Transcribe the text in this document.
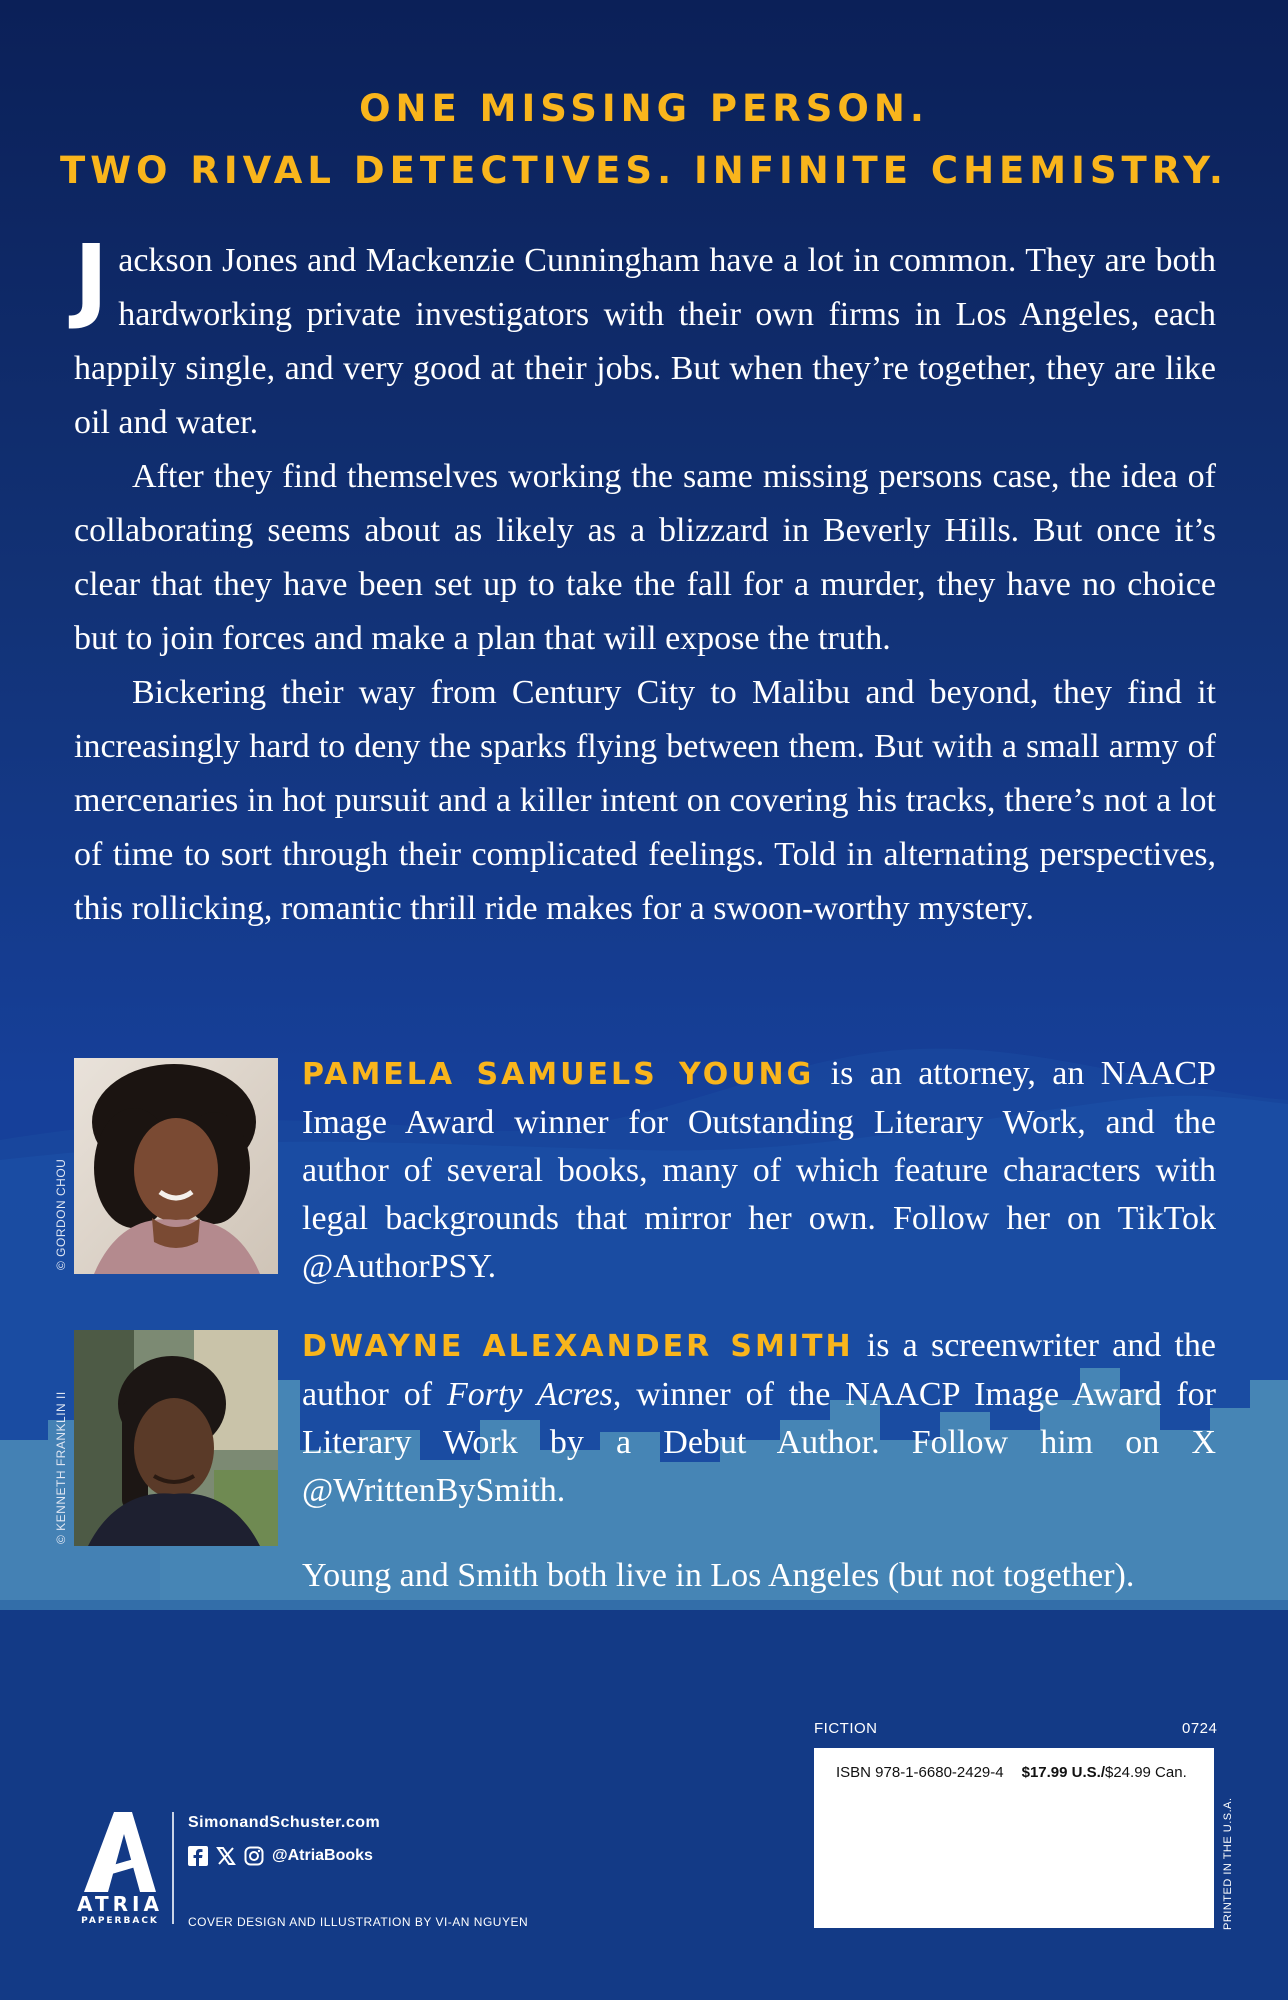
ONE MISSING PERSON.
TWO RIVAL DETECTIVES. INFINITE CHEMISTRY.

Jackson Jones and Mackenzie Cunningham have a lot in common. They are both hardworking private investigators with their own firms in Los Angeles, each happily single, and very good at their jobs. But when they’re together, they are like oil and water.

After they find themselves working the same missing persons case, the idea of collaborating seems about as likely as a blizzard in Beverly Hills. But once it’s clear that they have been set up to take the fall for a murder, they have no choice but to join forces and make a plan that will expose the truth.

Bickering their way from Century City to Malibu and beyond, they find it increasingly hard to deny the sparks flying between them. But with a small army of mercenaries in hot pursuit and a killer intent on covering his tracks, there’s not a lot of time to sort through their complicated feelings. Told in alternating perspectives, this rollicking, romantic thrill ride makes for a swoon-worthy mystery.

© GORDON CHOU

PAMELA SAMUELS YOUNG is an attorney, an NAACP Image Award winner for Outstanding Literary Work, and the author of several books, many of which feature characters with legal backgrounds that mirror her own. Follow her on TikTok @AuthorPSY.

© KENNETH FRANKLIN II

DWAYNE ALEXANDER SMITH is a screenwriter and the author of Forty Acres, winner of the NAACP Image Award for Literary Work by a Debut Author. Follow him on X @WrittenBySmith.

Young and Smith both live in Los Angeles (but not together).
ATRIA
PAPERBACK
SimonandSchuster.com
@AtriaBooks
COVER DESIGN AND ILLUSTRATION BY VI-AN NGUYEN
FICTION	0724
ISBN 978-1-6680-2429-4 $17.99 U.S./$24.99 Can.
PRINTED IN THE U.S.A.
